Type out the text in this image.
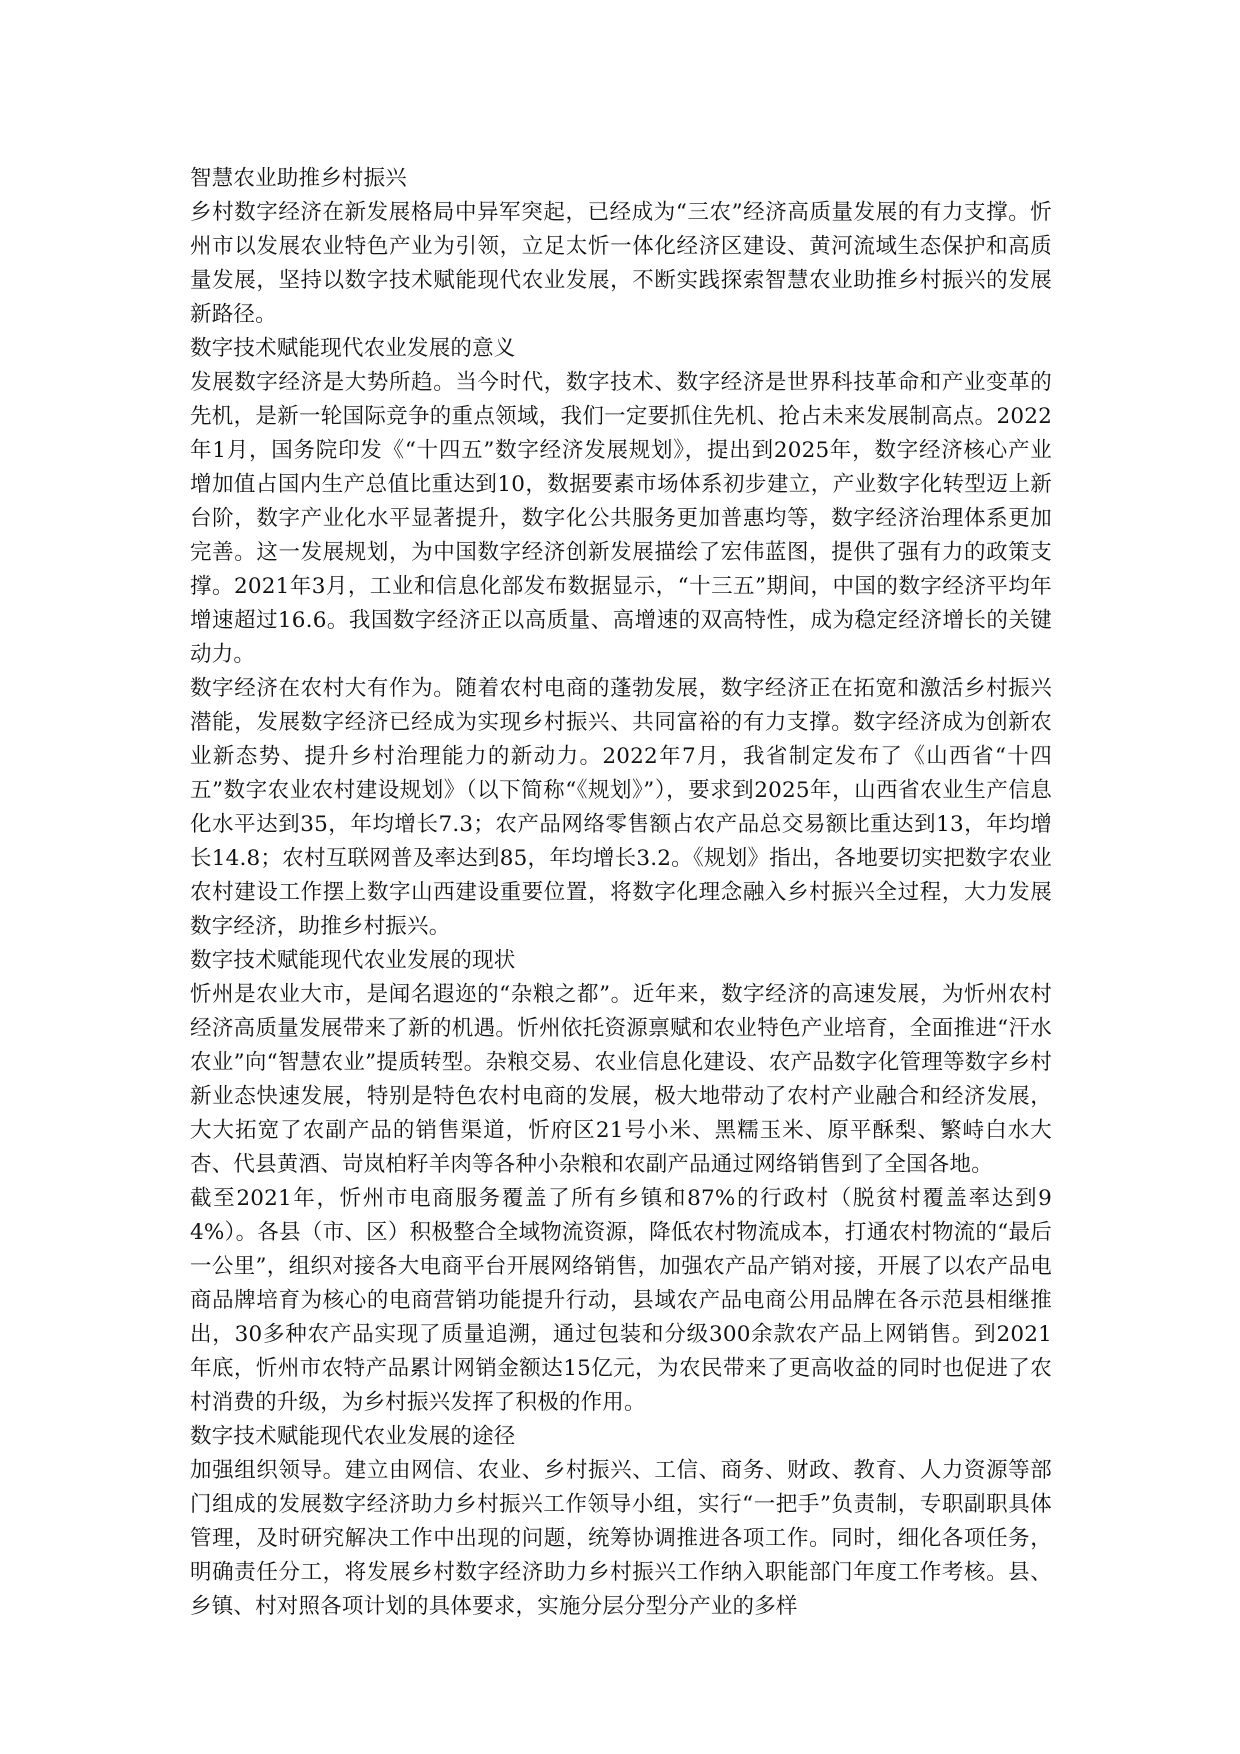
智慧农业助推乡村振兴

乡村数字经济在新发展格局中异军突起，已经成为“三农”经济高质量发展的有力支撑。忻州市以发展农业特色产业为引领，立足太忻一体化经济区建设、黄河流域生态保护和高质量发展，坚持以数字技术赋能现代农业发展，不断实践探索智慧农业助推乡村振兴的发展新路径。

数字技术赋能现代农业发展的意义

发展数字经济是大势所趋。当今时代，数字技术、数字经济是世界科技革命和产业变革的先机，是新一轮国际竞争的重点领域，我们一定要抓住先机、抢占未来发展制高点。2022年1月，国务院印发《“十四五”数字经济发展规划》，提出到2025年，数字经济核心产业增加值占国内生产总值比重达到10，数据要素市场体系初步建立，产业数字化转型迈上新台阶，数字产业化水平显著提升，数字化公共服务更加普惠均等，数字经济治理体系更加完善。这一发展规划，为中国数字经济创新发展描绘了宏伟蓝图，提供了强有力的政策支撑。2021年3月，工业和信息化部发布数据显示，“十三五”期间，中国的数字经济平均年增速超过16.6。我国数字经济正以高质量、高增速的双高特性，成为稳定经济增长的关键动力。

数字经济在农村大有作为。随着农村电商的蓬勃发展，数字经济正在拓宽和激活乡村振兴潜能，发展数字经济已经成为实现乡村振兴、共同富裕的有力支撑。数字经济成为创新农业新态势、提升乡村治理能力的新动力。2022年7月，我省制定发布了《山西省“十四五”数字农业农村建设规划》（以下简称“《规划》”），要求到2025年，山西省农业生产信息化水平达到35，年均增长7.3；农产品网络零售额占农产品总交易额比重达到13，年均增长14.8；农村互联网普及率达到85，年均增长3.2。《规划》指出，各地要切实把数字农业农村建设工作摆上数字山西建设重要位置，将数字化理念融入乡村振兴全过程，大力发展数字经济，助推乡村振兴。

数字技术赋能现代农业发展的现状

忻州是农业大市，是闻名遐迩的“杂粮之都”。近年来，数字经济的高速发展，为忻州农村经济高质量发展带来了新的机遇。忻州依托资源禀赋和农业特色产业培育，全面推进“汗水农业”向“智慧农业”提质转型。杂粮交易、农业信息化建设、农产品数字化管理等数字乡村新业态快速发展，特别是特色农村电商的发展，极大地带动了农村产业融合和经济发展，大大拓宽了农副产品的销售渠道，忻府区21号小米、黑糯玉米、原平酥梨、繁峙白水大杏、代县黄酒、岢岚柏籽羊肉等各种小杂粮和农副产品通过网络销售到了全国各地。

截至2021年，忻州市电商服务覆盖了所有乡镇和87%的行政村（脱贫村覆盖率达到94%）。各县（市、区）积极整合全域物流资源，降低农村物流成本，打通农村物流的“最后一公里”，组织对接各大电商平台开展网络销售，加强农产品产销对接，开展了以农产品电商品牌培育为核心的电商营销功能提升行动，县域农产品电商公用品牌在各示范县相继推出，30多种农产品实现了质量追溯，通过包装和分级300余款农产品上网销售。到2021年底，忻州市农特产品累计网销金额达15亿元，为农民带来了更高收益的同时也促进了农村消费的升级，为乡村振兴发挥了积极的作用。

数字技术赋能现代农业发展的途径

加强组织领导。建立由网信、农业、乡村振兴、工信、商务、财政、教育、人力资源等部门组成的发展数字经济助力乡村振兴工作领导小组，实行“一把手”负责制，专职副职具体管理，及时研究解决工作中出现的问题，统筹协调推进各项工作。同时，细化各项任务，明确责任分工，将发展乡村数字经济助力乡村振兴工作纳入职能部门年度工作考核。县、乡镇、村对照各项计划的具体要求，实施分层分型分产业的多样
